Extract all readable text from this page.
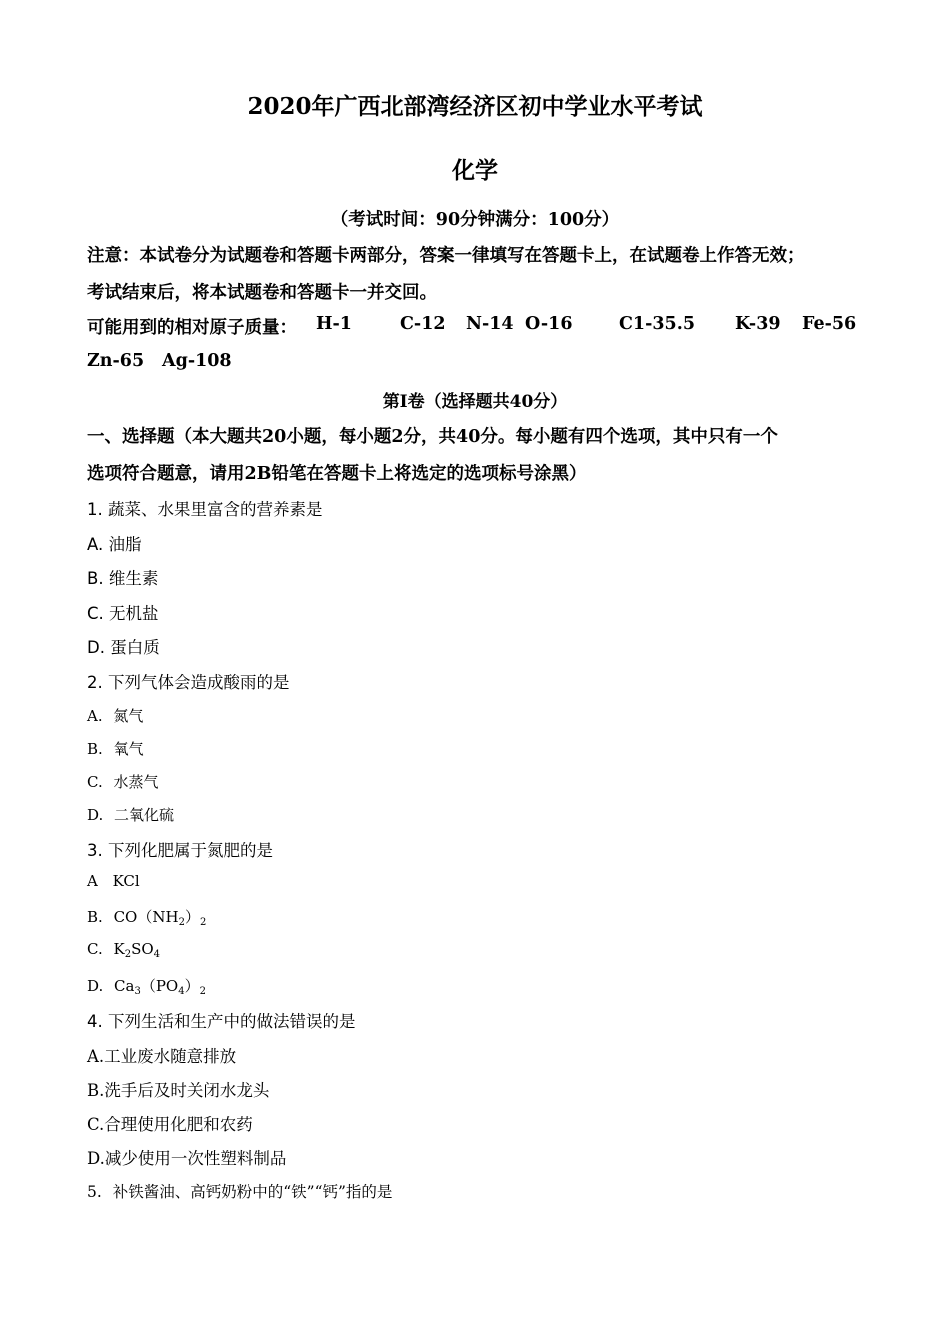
2020年广西北部湾经济区初中学业水平考试
化学
（考试时间：90分钟满分：100分）
注意：本试卷分为试题卷和答题卡两部分，答案一律填写在答题卡上，在试题卷上作答无效；
考试结束后，将本试题卷和答题卡一并交回。
可能用到的相对原子质量： H-1	C-12 N-14 O-16	C1-35.5 K-39 Fe-56
Zn-65 Ag-108
第I卷（选择题共40分）
一、选择题（本大题共20小题，每小题2分，共40分。每小题有四个选项，其中只有一个
选项符合题意，请用2B铅笔在答题卡上将选定的选项标号涂黑）
1. 蔬菜、水果里富含的营养素是
A. 油脂
B. 维生素
C. 无机盐
D. 蛋白质
2. 下列气体会造成酸雨的是
A. 氮气
B. 氧气
C. 水蒸气
D. 二氧化硫
3. 下列化肥属于氮肥的是
A KCl
B. $CO(NH_2)_2$
C. $K_2SO_4$
D. $Ca_3(PO_4)_2$
4. 下列生活和生产中的做法错误的是
A.工业废水随意排放
B.洗手后及时关闭水龙头
C.合理使用化肥和农药
D.减少使用一次性塑料制品
5. 补铁酱油、高钙奶粉中的“铁”“钙”指的是
